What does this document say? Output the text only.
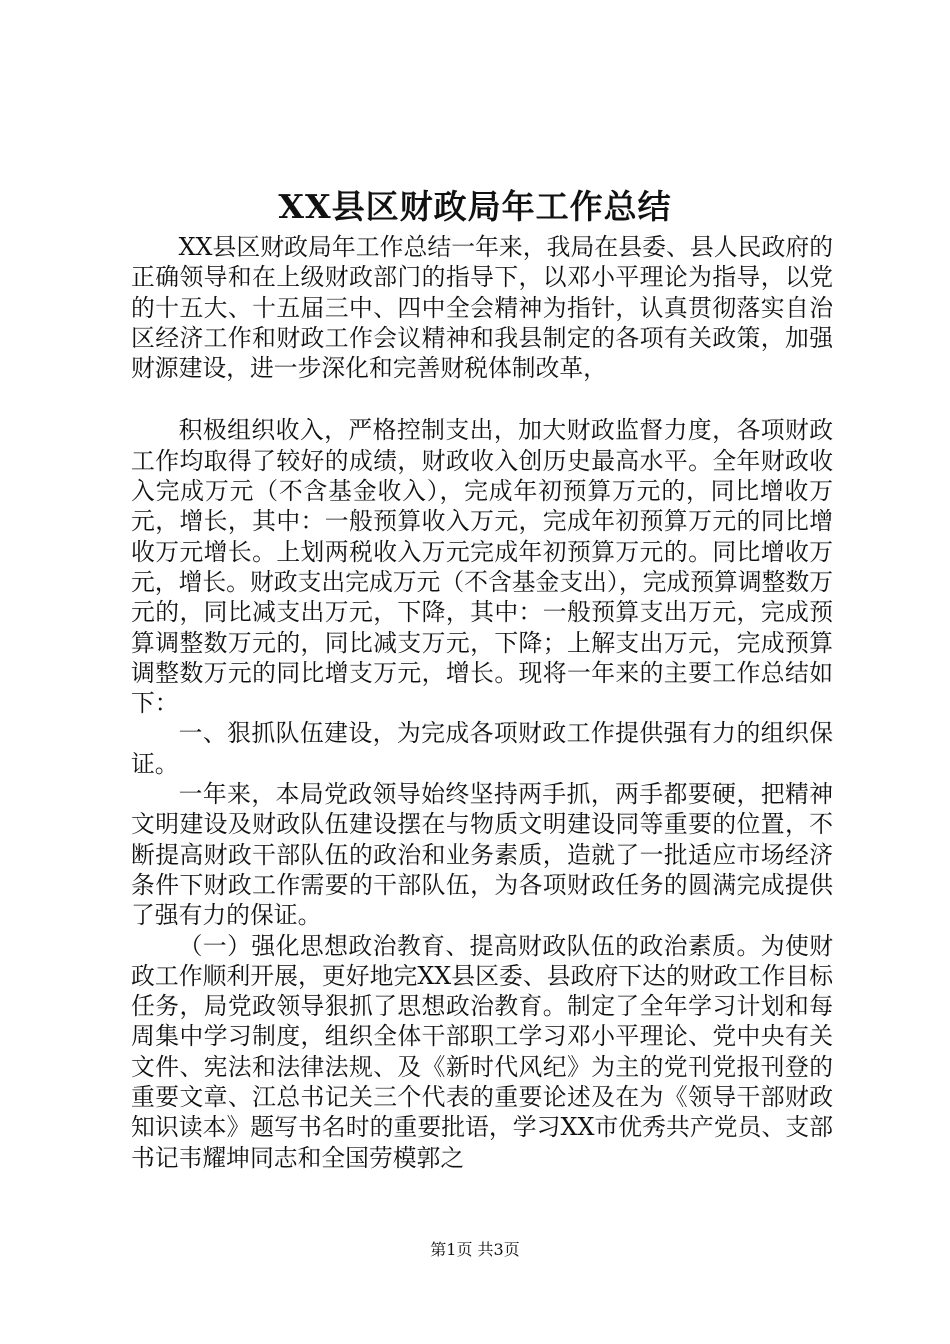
XX县区财政局年工作总结

XX县区财政局年工作总结一年来，我局在县委、县人民政府的正确领导和在上级财政部门的指导下，以邓小平理论为指导，以党的十五大、十五届三中、四中全会精神为指针，认真贯彻落实自治区经济工作和财政工作会议精神和我县制定的各项有关政策，加强财源建设，进一步深化和完善财税体制改革，

积极组织收入，严格控制支出，加大财政监督力度，各项财政工作均取得了较好的成绩，财政收入创历史最高水平。全年财政收入完成万元（不含基金收入），完成年初预算万元的，同比增收万元，增长，其中：一般预算收入万元，完成年初预算万元的同比增收万元增长。上划两税收入万元完成年初预算万元的。同比增收万元，增长。财政支出完成万元（不含基金支出），完成预算调整数万元的，同比减支出万元，下降，其中：一般预算支出万元，完成预算调整数万元的，同比减支万元，下降；上解支出万元，完成预算调整数万元的同比增支万元，增长。现将一年来的主要工作总结如下：

一、狠抓队伍建设，为完成各项财政工作提供强有力的组织保证。

一年来，本局党政领导始终坚持两手抓，两手都要硬，把精神文明建设及财政队伍建设摆在与物质文明建设同等重要的位置，不断提高财政干部队伍的政治和业务素质，造就了一批适应市场经济条件下财政工作需要的干部队伍，为各项财政任务的圆满完成提供了强有力的保证。

（一）强化思想政治教育、提高财政队伍的政治素质。为使财政工作顺利开展，更好地完XX县区委、县政府下达的财政工作目标任务，局党政领导狠抓了思想政治教育。制定了全年学习计划和每周集中学习制度，组织全体干部职工学习邓小平理论、党中央有关文件、宪法和法律法规、及《新时代风纪》为主的党刊党报刊登的重要文章、江总书记关三个代表的重要论述及在为《领导干部财政知识读本》题写书名时的重要批语，学习XX市优秀共产党员、支部书记韦耀坤同志和全国劳模郭之

第1页 共3页
